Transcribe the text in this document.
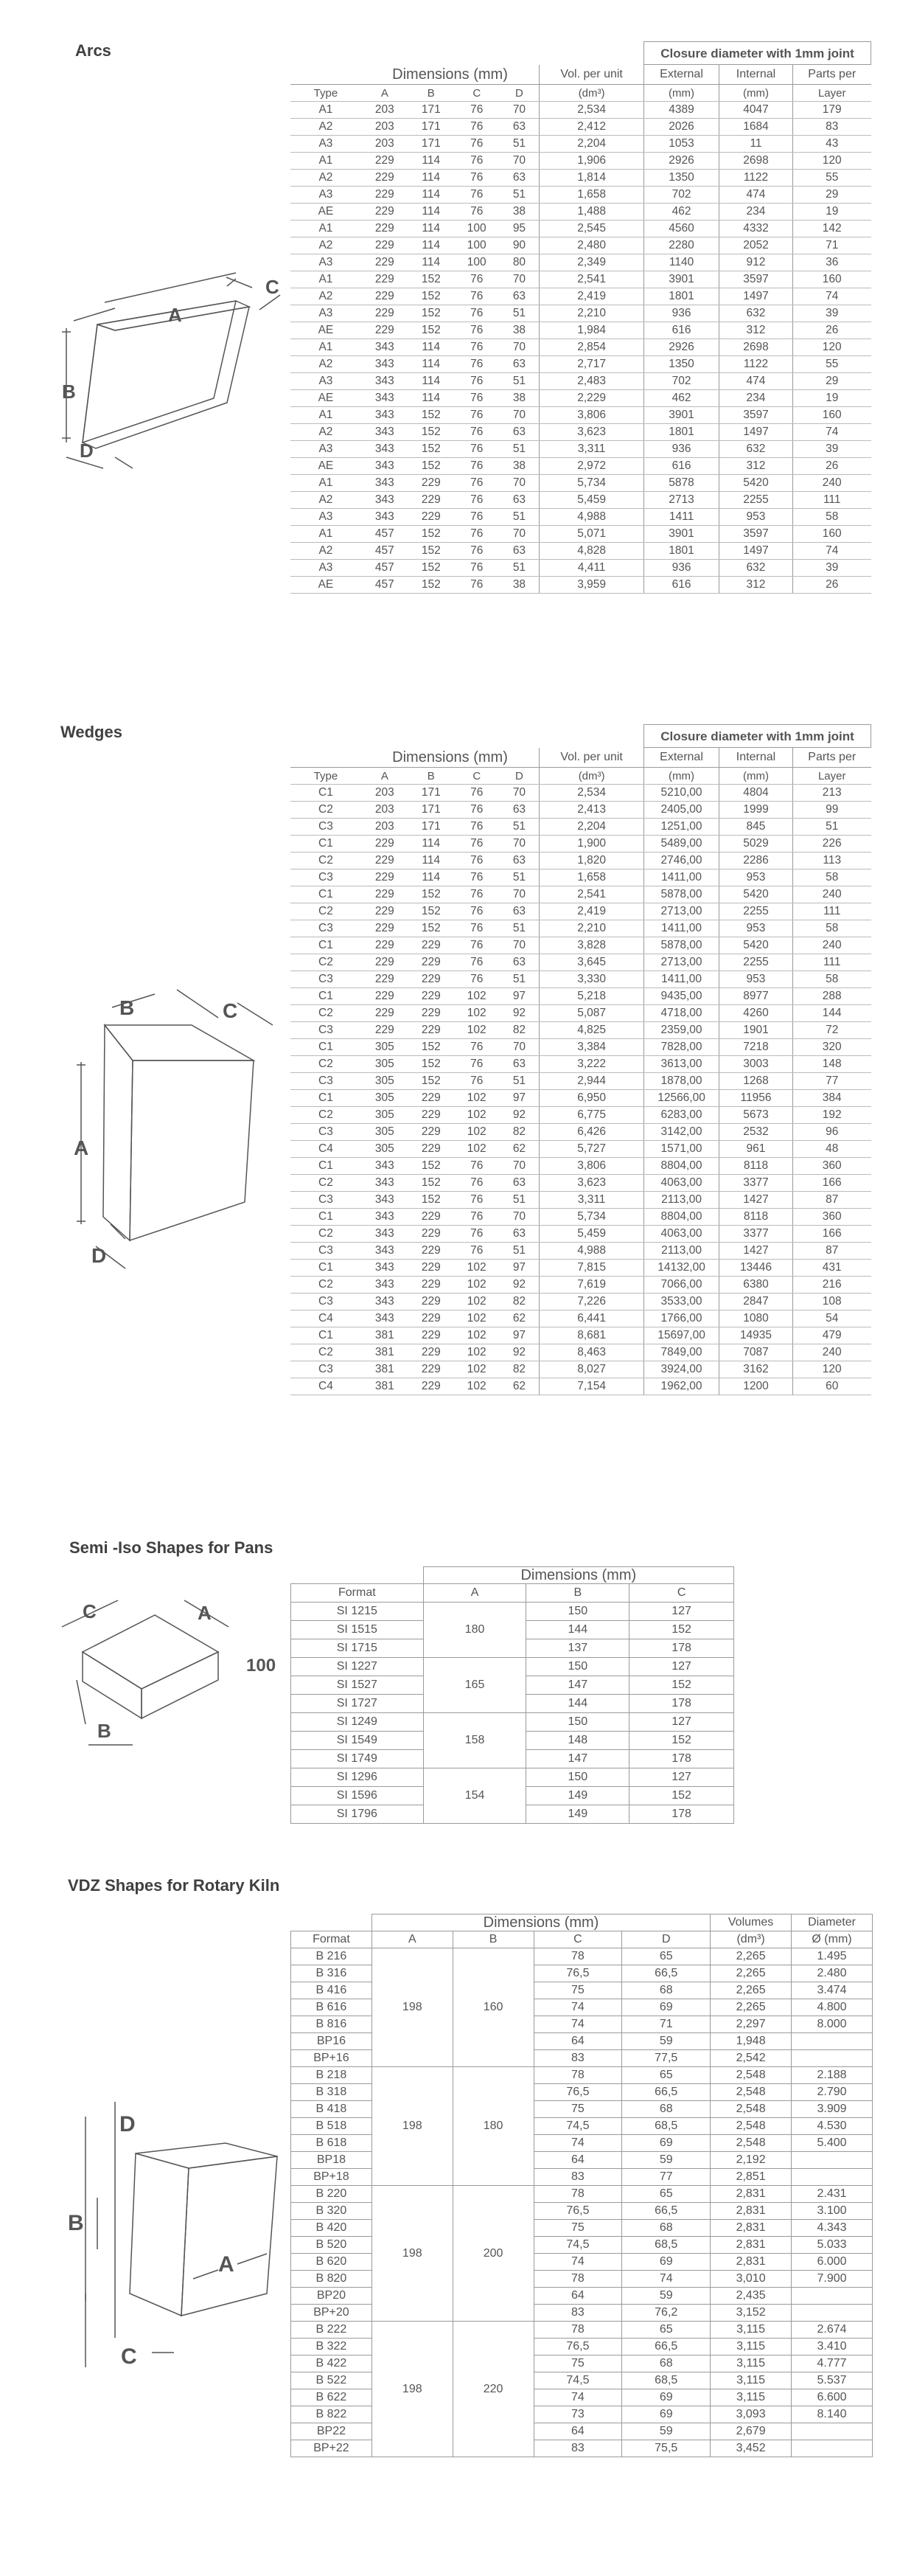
Arcs
A
B
C
D
						Closure diameter with 1mm joint		
	Dimensions (mm)				Vol. per unit	External	Internal	Parts per
Type	A	B	C	D	(dm³)	(mm)	(mm)	Layer
A1	203	171	76	70	2,534	4389	4047	179
A2	203	171	76	63	2,412	2026	1684	83
A3	203	171	76	51	2,204	1053	11	43
A1	229	114	76	70	1,906	2926	2698	120
A2	229	114	76	63	1,814	1350	1122	55
A3	229	114	76	51	1,658	702	474	29
AE	229	114	76	38	1,488	462	234	19
A1	229	114	100	95	2,545	4560	4332	142
A2	229	114	100	90	2,480	2280	2052	71
A3	229	114	100	80	2,349	1140	912	36
A1	229	152	76	70	2,541	3901	3597	160
A2	229	152	76	63	2,419	1801	1497	74
A3	229	152	76	51	2,210	936	632	39
AE	229	152	76	38	1,984	616	312	26
A1	343	114	76	70	2,854	2926	2698	120
A2	343	114	76	63	2,717	1350	1122	55
A3	343	114	76	51	2,483	702	474	29
AE	343	114	76	38	2,229	462	234	19
A1	343	152	76	70	3,806	3901	3597	160
A2	343	152	76	63	3,623	1801	1497	74
A3	343	152	76	51	3,311	936	632	39
AE	343	152	76	38	2,972	616	312	26
A1	343	229	76	70	5,734	5878	5420	240
A2	343	229	76	63	5,459	2713	2255	111
A3	343	229	76	51	4,988	1411	953	58
A1	457	152	76	70	5,071	3901	3597	160
A2	457	152	76	63	4,828	1801	1497	74
A3	457	152	76	51	4,411	936	632	39
AE	457	152	76	38	3,959	616	312	26
Wedges
B	C
A
D
						Closure diameter with 1mm joint		
	Dimensions (mm)				Vol. per unit	External	Internal	Parts per
Type	A	B	C	D	(dm³)	(mm)	(mm)	Layer
C1	203	171	76	70	2,534	5210,00	4804	213
C2	203	171	76	63	2,413	2405,00	1999	99
C3	203	171	76	51	2,204	1251,00	845	51
C1	229	114	76	70	1,900	5489,00	5029	226
C2	229	114	76	63	1,820	2746,00	2286	113
C3	229	114	76	51	1,658	1411,00	953	58
C1	229	152	76	70	2,541	5878,00	5420	240
C2	229	152	76	63	2,419	2713,00	2255	111
C3	229	152	76	51	2,210	1411,00	953	58
C1	229	229	76	70	3,828	5878,00	5420	240
C2	229	229	76	63	3,645	2713,00	2255	111
C3	229	229	76	51	3,330	1411,00	953	58
C1	229	229	102	97	5,218	9435,00	8977	288
C2	229	229	102	92	5,087	4718,00	4260	144
C3	229	229	102	82	4,825	2359,00	1901	72
C1	305	152	76	70	3,384	7828,00	7218	320
C2	305	152	76	63	3,222	3613,00	3003	148
C3	305	152	76	51	2,944	1878,00	1268	77
C1	305	229	102	97	6,950	12566,00	11956	384
C2	305	229	102	92	6,775	6283,00	5673	192
C3	305	229	102	82	6,426	3142,00	2532	96
C4	305	229	102	62	5,727	1571,00	961	48
C1	343	152	76	70	3,806	8804,00	8118	360
C2	343	152	76	63	3,623	4063,00	3377	166
C3	343	152	76	51	3,311	2113,00	1427	87
C1	343	229	76	70	5,734	8804,00	8118	360
C2	343	229	76	63	5,459	4063,00	3377	166
C3	343	229	76	51	4,988	2113,00	1427	87
C1	343	229	102	97	7,815	14132,00	13446	431
C2	343	229	102	92	7,619	7066,00	6380	216
C3	343	229	102	82	7,226	3533,00	2847	108
C4	343	229	102	62	6,441	1766,00	1080	54
C1	381	229	102	97	8,681	15697,00	14935	479
C2	381	229	102	92	8,463	7849,00	7087	240
C3	381	229	102	82	8,027	3924,00	3162	120
C4	381	229	102	62	7,154	1962,00	1200	60
Semi -Iso Shapes for Pans
C	A
100
B
	Dimensions (mm)		
Format	A	B	C
SI 1215	180	150	127
SI 1515		144	152
SI 1715		137	178
SI 1227	165	150	127
SI 1527		147	152
SI 1727		144	178
SI 1249	158	150	127
SI 1549		148	152
SI 1749		147	178
SI 1296	154	150	127
SI 1596		149	152
SI 1796		149	178
VDZ Shapes for Rotary Kiln
D
B
A
C
	Dimensions (mm)				Volumes	Diameter
Format	A	B	C	D	(dm³)	Ø (mm)
B 216	198	160	78	65	2,265	1.495
B 316			76,5	66,5	2,265	2.480
B 416			75	68	2,265	3.474
B 616			74	69	2,265	4.800
B 816			74	71	2,297	8.000
BP16			64	59	1,948	
BP+16			83	77,5	2,542	
B 218	198	180	78	65	2,548	2.188
B 318			76,5	66,5	2,548	2.790
B 418			75	68	2,548	3.909
B 518			74,5	68,5	2,548	4.530
B 618			74	69	2,548	5.400
BP18			64	59	2,192	
BP+18			83	77	2,851	
B 220	198	200	78	65	2,831	2.431
B 320			76,5	66,5	2,831	3.100
B 420			75	68	2,831	4.343
B 520			74,5	68,5	2,831	5.033
B 620			74	69	2,831	6.000
B 820			78	74	3,010	7.900
BP20			64	59	2,435	
BP+20			83	76,2	3,152	
B 222	198	220	78	65	3,115	2.674
B 322			76,5	66,5	3,115	3.410
B 422			75	68	3,115	4.777
B 522			74,5	68,5	3,115	5.537
B 622			74	69	3,115	6.600
B 822			73	69	3,093	8.140
BP22			64	59	2,679	
BP+22			83	75,5	3,452	
